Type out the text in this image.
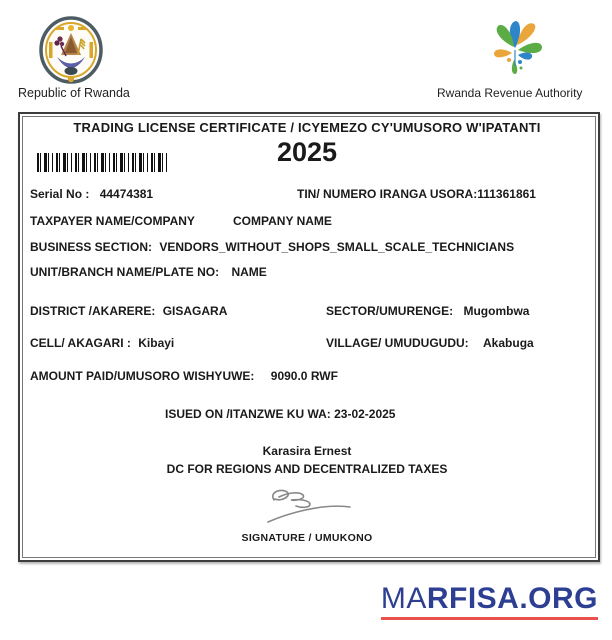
Republic of Rwanda	Rwanda Revenue Authority
TRADING LICENSE CERTIFICATE / ICYEMEZO CY'UMUSORO W'IPATANTI
2025
Serial No : 44474381	TIN/ NUMERO IRANGA USORA:111361861
TAXPAYER NAME/COMPANY	COMPANY NAME
BUSINESS SECTION: VENDORS_WITHOUT_SHOPS_SMALL_SCALE_TECHNICIANS
UNIT/BRANCH NAME/PLATE NO: NAME
DISTRICT /AKARERE: GISAGARA	SECTOR/UMURENGE: Mugombwa
CELL/ AKAGARI : Kibayi	VILLAGE/ UMUDUGUDU: Akabuga
AMOUNT PAID/UMUSORO WISHYUWE: 9090.0 RWF
ISUED ON /ITANZWE KU WA: 23-02-2025
Karasira Ernest
DC FOR REGIONS AND DECENTRALIZED TAXES
SIGNATURE / UMUKONO
MARFISA.ORG
